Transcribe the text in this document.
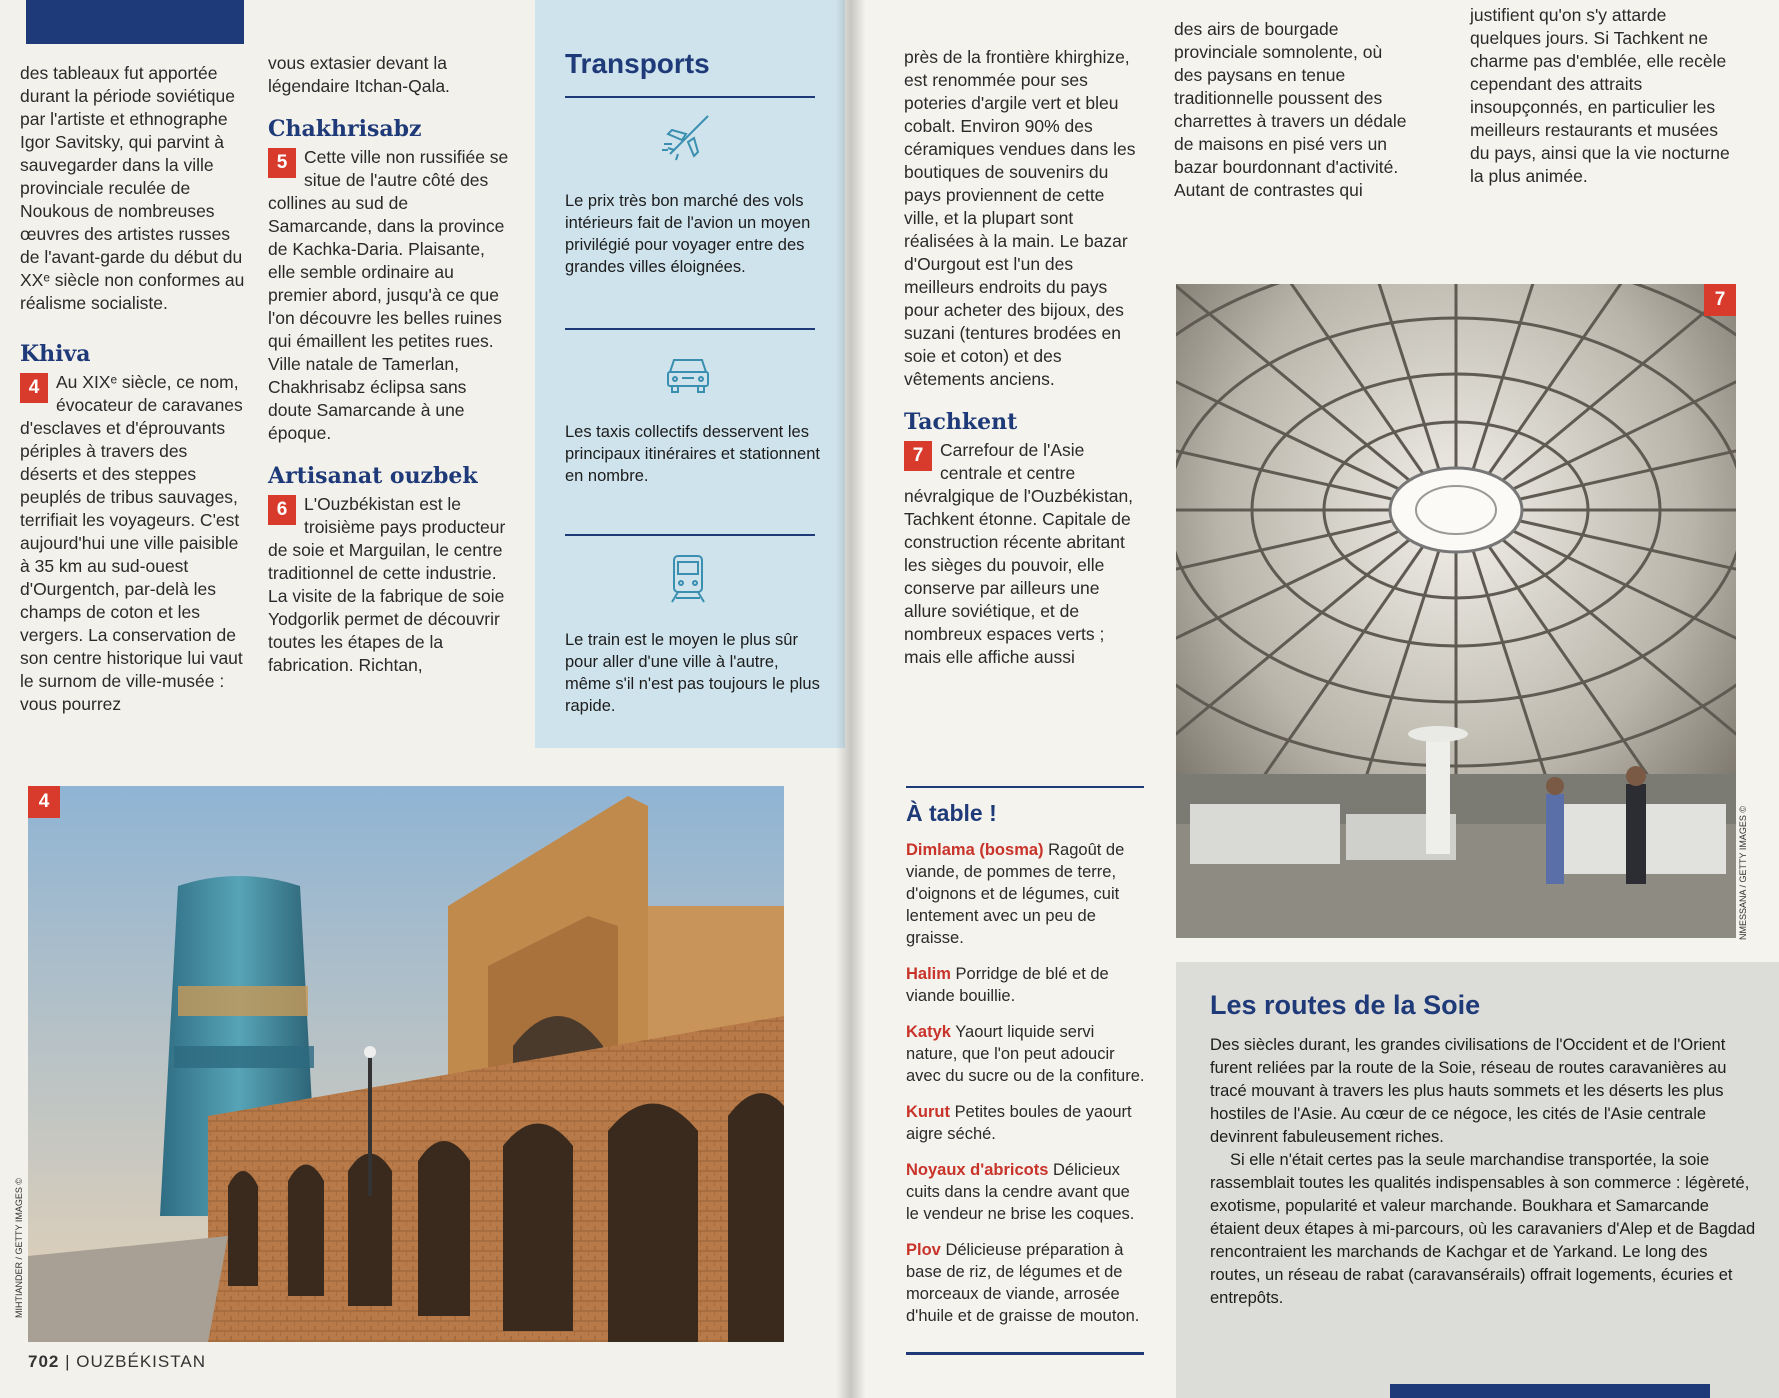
des tableaux fut apportée durant la période soviétique par l'artiste et ethnographe Igor Savitsky, qui parvint à sauvegarder dans la ville provinciale reculée de Noukous de nombreuses œuvres des artistes russes de l'avant-garde du début du XXᵉ siècle non conformes au réalisme socialiste.

Khiva

4 Au XIXᵉ siècle, ce nom, évocateur de caravanes d'esclaves et d'éprouvants périples à travers des déserts et des steppes peuplés de tribus sauvages, terrifiait les voyageurs. C'est aujourd'hui une ville paisible à 35 km au sud-ouest d'Ourgentch, par-delà les champs de coton et les vergers. La conservation de son centre historique lui vaut le surnom de ville-musée : vous pourrez

vous extasier devant la légendaire Itchan-Qala.

Chakhrisabz

5 Cette ville non russifiée se situe de l'autre côté des collines au sud de Samarcande, dans la province de Kachka-Daria. Plaisante, elle semble ordinaire au premier abord, jusqu'à ce que l'on découvre les belles ruines qui émaillent les petites rues. Ville natale de Tamerlan, Chakhrisabz éclipsa sans doute Samarcande à une époque.

Artisanat ouzbek

6 L'Ouzbékistan est le troisième pays producteur de soie et Marguilan, le centre traditionnel de cette industrie. La visite de la fabrique de soie Yodgorlik permet de découvrir toutes les étapes de la fabrication. Richtan,

Transports
Le prix très bon marché des vols intérieurs fait de l'avion un moyen privilégié pour voyager entre des grandes villes éloignées.
Les taxis collectifs desservent les principaux itinéraires et stationnent en nombre.
Le train est le moyen le plus sûr pour aller d'une ville à l'autre, même s'il n'est pas toujours le plus rapide.
4
MIHTIANDER / GETTY IMAGES ©
702 | OUZBÉKISTAN

près de la frontière khirghize, est renommée pour ses poteries d'argile vert et bleu cobalt. Environ 90% des céramiques vendues dans les boutiques de souvenirs du pays proviennent de cette ville, et la plupart sont réalisées à la main. Le bazar d'Ourgout est l'un des meilleurs endroits du pays pour acheter des bijoux, des suzani (tentures brodées en soie et coton) et des vêtements anciens.

Tachkent

7 Carrefour de l'Asie centrale et centre névralgique de l'Ouzbékistan, Tachkent étonne. Capitale de construction récente abritant les sièges du pouvoir, elle conserve par ailleurs une allure soviétique, et de nombreux espaces verts ; mais elle affiche aussi

des airs de bourgade provinciale somnolente, où des paysans en tenue traditionnelle poussent des charrettes à travers un dédale de maisons en pisé vers un bazar bourdonnant d'activité. Autant de contrastes qui

justifient qu'on s'y attarde quelques jours. Si Tachkent ne charme pas d'emblée, elle recèle cependant des attraits insoupçonnés, en particulier les meilleurs restaurants et musées du pays, ainsi que la vie nocturne la plus animée.

À table !
Dimlama (bosma) Ragoût de viande, de pommes de terre, d'oignons et de légumes, cuit lentement avec un peu de graisse.
Halim Porridge de blé et de viande bouillie.
Katyk Yaourt liquide servi nature, que l'on peut adoucir avec du sucre ou de la confiture.
Kurut Petites boules de yaourt aigre séché.
Noyaux d'abricots Délicieux cuits dans la cendre avant que le vendeur ne brise les coques.
Plov Délicieuse préparation à base de riz, de légumes et de morceaux de viande, arrosée d'huile et de graisse de mouton.
7
NMESSANA / GETTY IMAGES ©
Les routes de la Soie

Des siècles durant, les grandes civilisations de l'Occident et de l'Orient furent reliées par la route de la Soie, réseau de routes caravanières au tracé mouvant à travers les plus hauts sommets et les déserts les plus hostiles de l'Asie. Au cœur de ce négoce, les cités de l'Asie centrale devinrent fabuleusement riches.

Si elle n'était certes pas la seule marchandise transportée, la soie rassemblait toutes les qualités indispensables à son commerce : légèreté, exotisme, popularité et valeur marchande. Boukhara et Samarcande étaient deux étapes à mi-parcours, où les caravaniers d'Alep et de Bagdad rencontraient les marchands de Kachgar et de Yarkand. Le long des routes, un réseau de rabat (caravansérails) offrait logements, écuries et entrepôts.
